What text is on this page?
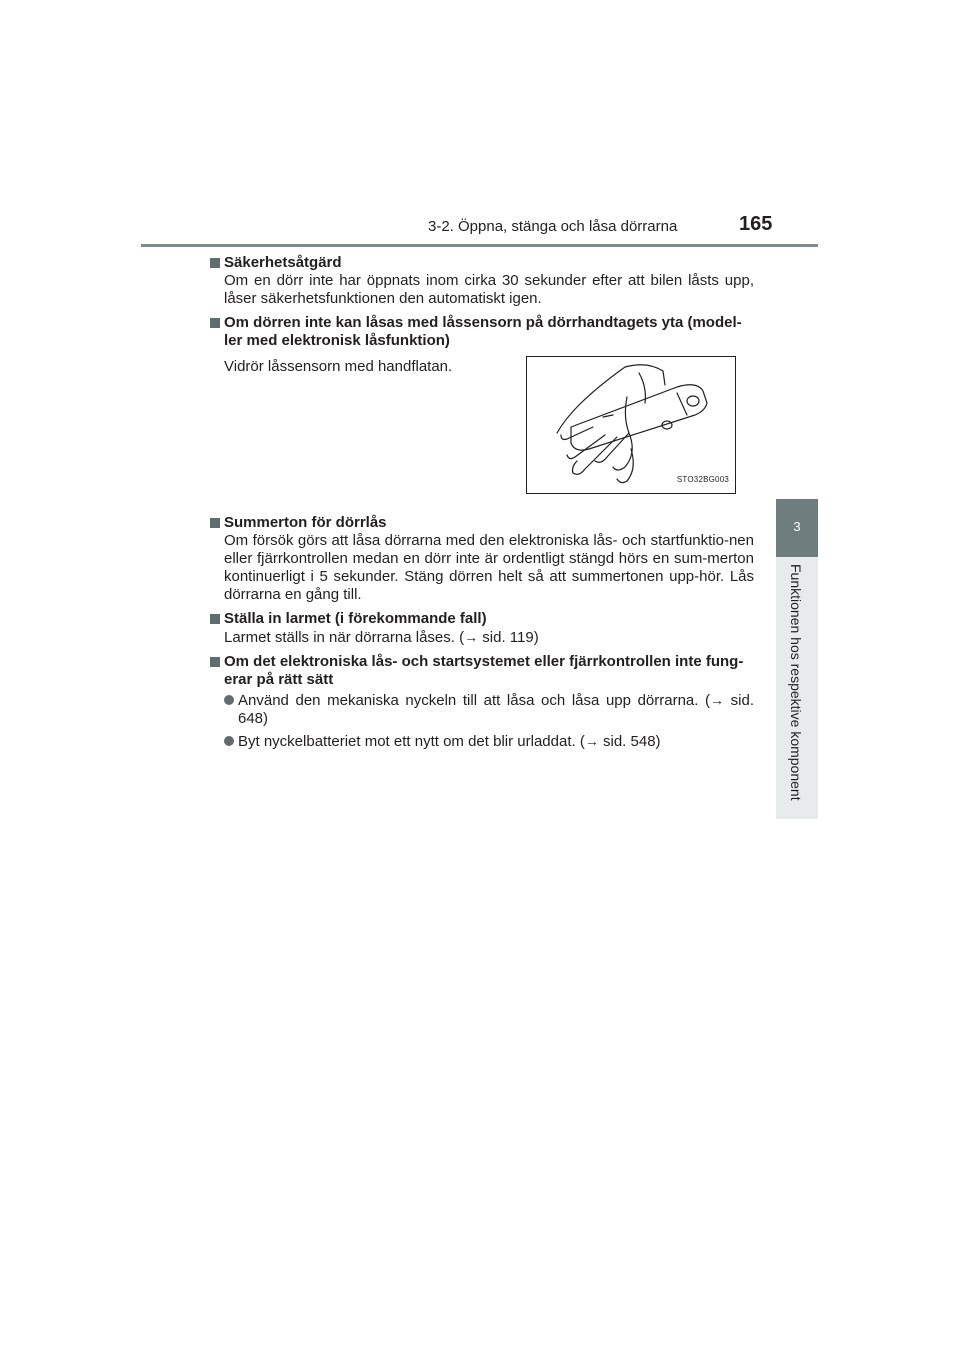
3-2. Öppna, stänga och låsa dörrarna	165
3
Funktionen hos respektive komponent
Säkerhetsåtgärd
Om en dörr inte har öppnats inom cirka 30 sekunder efter att bilen låsts upp, låser säkerhetsfunktionen den automatiskt igen.
Om dörren inte kan låsas med låssensorn på dörrhandtagets yta (model-ler med elektronisk låsfunktion)
Vidrör låssensorn med handflatan.
STO32BG003
Summerton för dörrlås
Om försök görs att låsa dörrarna med den elektroniska lås- och startfunktio-nen eller fjärrkontrollen medan en dörr inte är ordentligt stängd hörs en sum-merton kontinuerligt i 5 sekunder. Stäng dörren helt så att summertonen upp-hör. Lås dörrarna en gång till.
Ställa in larmet (i förekommande fall)
Larmet ställs in när dörrarna låses. (→ sid. 119)
Om det elektroniska lås- och startsystemet eller fjärrkontrollen inte fung-erar på rätt sätt
Använd den mekaniska nyckeln till att låsa och låsa upp dörrarna. (→ sid. 648)
Byt nyckelbatteriet mot ett nytt om det blir urladdat. (→ sid. 548)
